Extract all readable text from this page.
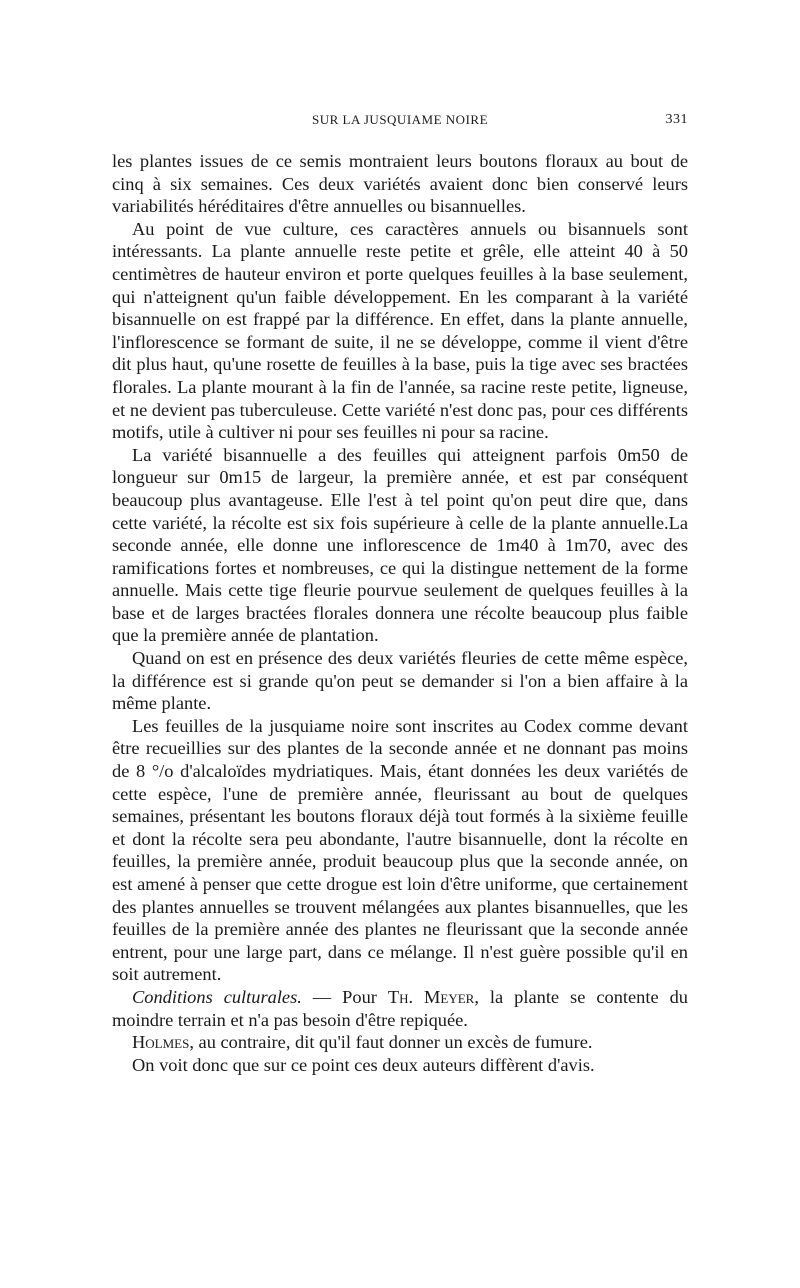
SUR LA JUSQUIAME NOIRE	331

les plantes issues de ce semis montraient leurs boutons floraux au bout de cinq à six semaines. Ces deux variétés avaient donc bien conservé leurs variabilités héréditaires d'être annuelles ou bisannuelles.

Au point de vue culture, ces caractères annuels ou bisannuels sont intéressants. La plante annuelle reste petite et grêle, elle atteint 40 à 50 centimètres de hauteur environ et porte quelques feuilles à la base seulement, qui n'atteignent qu'un faible développement. En les comparant à la variété bisannuelle on est frappé par la différence. En effet, dans la plante annuelle, l'inflorescence se formant de suite, il ne se développe, comme il vient d'être dit plus haut, qu'une rosette de feuilles à la base, puis la tige avec ses bractées florales. La plante mourant à la fin de l'année, sa racine reste petite, ligneuse, et ne devient pas tuberculeuse. Cette variété n'est donc pas, pour ces différents motifs, utile à cultiver ni pour ses feuilles ni pour sa racine.

La variété bisannuelle a des feuilles qui atteignent parfois 0m50 de longueur sur 0m15 de largeur, la première année, et est par conséquent beaucoup plus avantageuse. Elle l'est à tel point qu'on peut dire que, dans cette variété, la récolte est six fois supérieure à celle de la plante annuelle.La seconde année, elle donne une inflorescence de 1m40 à 1m70, avec des ramifications fortes et nombreuses, ce qui la distingue nettement de la forme annuelle. Mais cette tige fleurie pourvue seulement de quelques feuilles à la base et de larges bractées florales donnera une récolte beaucoup plus faible que la première année de plantation.

Quand on est en présence des deux variétés fleuries de cette même espèce, la différence est si grande qu'on peut se demander si l'on a bien affaire à la même plante.

Les feuilles de la jusquiame noire sont inscrites au Codex comme devant être recueillies sur des plantes de la seconde année et ne donnant pas moins de 8 °/o d'alcaloïdes mydriatiques. Mais, étant données les deux variétés de cette espèce, l'une de première année, fleurissant au bout de quelques semaines, présentant les boutons floraux déjà tout formés à la sixième feuille et dont la récolte sera peu abondante, l'autre bisannuelle, dont la récolte en feuilles, la première année, produit beaucoup plus que la seconde année, on est amené à penser que cette drogue est loin d'être uniforme, que certainement des plantes annuelles se trouvent mélangées aux plantes bisannuelles, que les feuilles de la première année des plantes ne fleurissant que la seconde année entrent, pour une large part, dans ce mélange. Il n'est guère possible qu'il en soit autrement.

Conditions culturales. — Pour Th. Meyer, la plante se contente du moindre terrain et n'a pas besoin d'être repiquée.

Holmes, au contraire, dit qu'il faut donner un excès de fumure.

On voit donc que sur ce point ces deux auteurs diffèrent d'avis.
